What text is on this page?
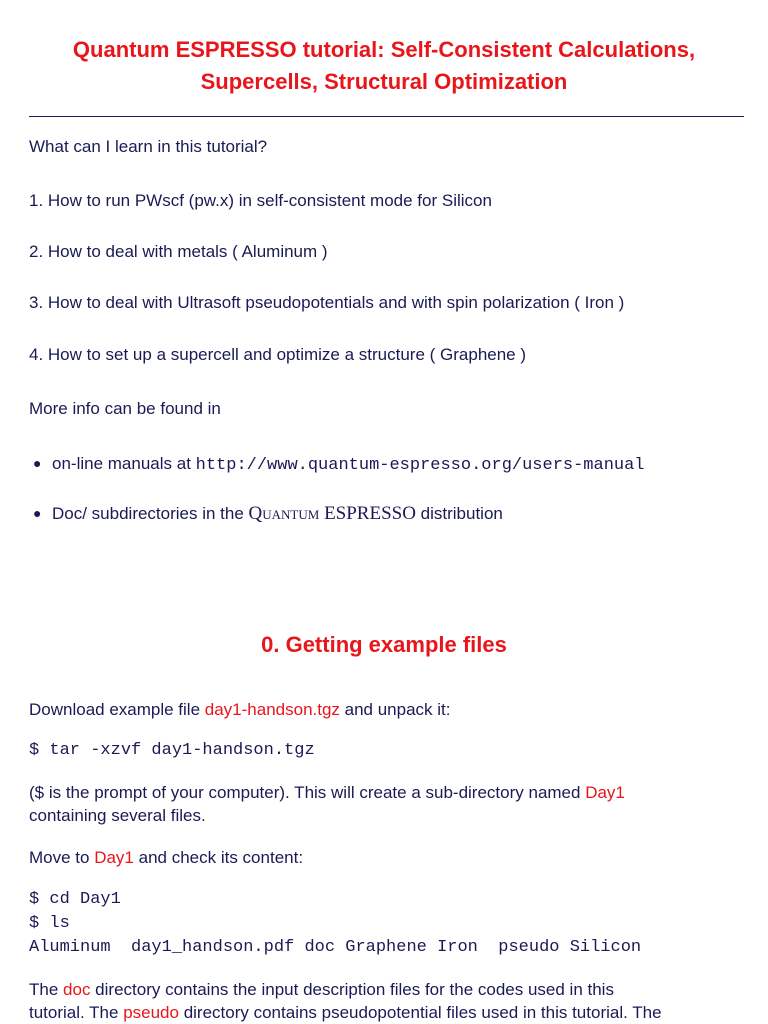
Quantum ESPRESSO tutorial: Self-Consistent Calculations,
Supercells, Structural Optimization
What can I learn in this tutorial?
1. How to run PWscf (pw.x) in self-consistent mode for Silicon
2. How to deal with metals ( Aluminum )
3. How to deal with Ultrasoft pseudopotentials and with spin polarization ( Iron )
4. How to set up a supercell and optimize a structure ( Graphene )
More info can be found in
● on-line manuals at http://www.quantum-espresso.org/users-manual
● Doc/ subdirectories in the Quantum ESPRESSO distribution
0. Getting example files
Download example file day1-handson.tgz and unpack it:
$ tar -xzvf day1-handson.tgz
($ is the prompt of your computer). This will create a sub-directory named Day1
containing several files.
Move to Day1 and check its content:
$ cd Day1
$ ls
Aluminum  day1_handson.pdf doc Graphene Iron  pseudo Silicon
The doc directory contains the input description files for the codes used in this
tutorial. The pseudo directory contains pseudopotential files used in this tutorial. The
